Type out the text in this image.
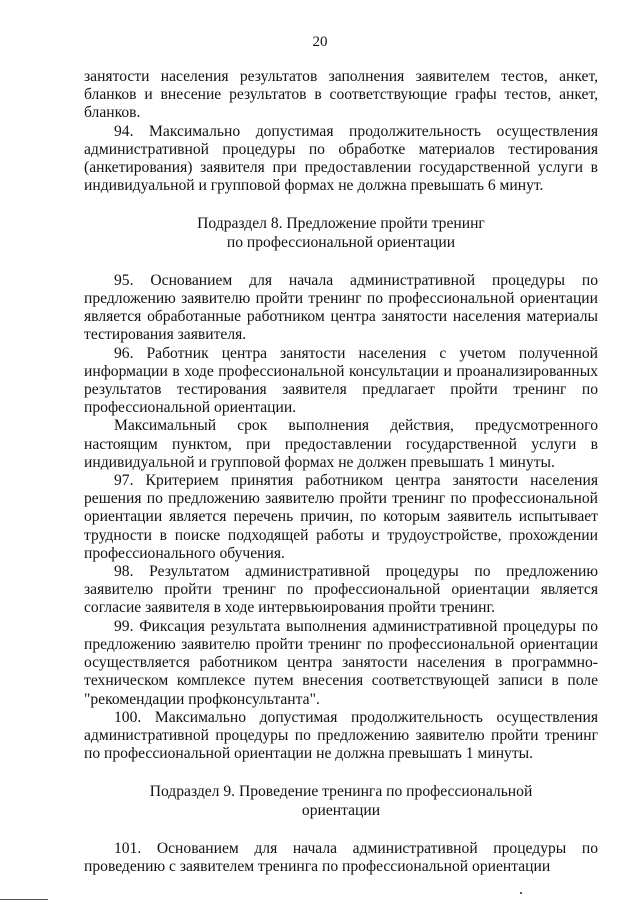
20

занятости населения результатов заполнения заявителем тестов, анкет, бланков и внесение результатов в соответствующие графы тестов, анкет, бланков.

94. Максимально допустимая продолжительность осуществления административной процедуры по обработке материалов тестирования (анкетирования) заявителя при предоставлении государственной услуги в индивидуальной и групповой формах не должна превышать 6 минут.

Подраздел 8. Предложение пройти тренинг
по профессиональной ориентации

95. Основанием для начала административной процедуры по предложению заявителю пройти тренинг по профессиональной ориентации является обработанные работником центра занятости населения материалы тестирования заявителя.

96. Работник центра занятости населения с учетом полученной информации в ходе профессиональной консультации и проанализированных результатов тестирования заявителя предлагает пройти тренинг по профессиональной ориентации.

Максимальный срок выполнения действия, предусмотренного настоящим пунктом, при предоставлении государственной услуги в индивидуальной и групповой формах не должен превышать 1 минуты.

97. Критерием принятия работником центра занятости населения решения по предложению заявителю пройти тренинг по профессиональной ориентации является перечень причин, по которым заявитель испытывает трудности в поиске подходящей работы и трудоустройстве, прохождении профессионального обучения.

98. Результатом административной процедуры по предложению заявителю пройти тренинг по профессиональной ориентации является согласие заявителя в ходе интервьюирования пройти тренинг.

99. Фиксация результата выполнения административной процедуры по предложению заявителю пройти тренинг по профессиональной ориентации осуществляется работником центра занятости населения в программно-техническом комплексе путем внесения соответствующей записи в поле "рекомендации профконсультанта".

100. Максимально допустимая продолжительность осуществления административной процедуры по предложению заявителю пройти тренинг по профессиональной ориентации не должна превышать 1 минуты.

Подраздел 9. Проведение тренинга по профессиональной
ориентации

101. Основанием для начала административной процедуры по проведению с заявителем тренинга по профессиональной ориентации
